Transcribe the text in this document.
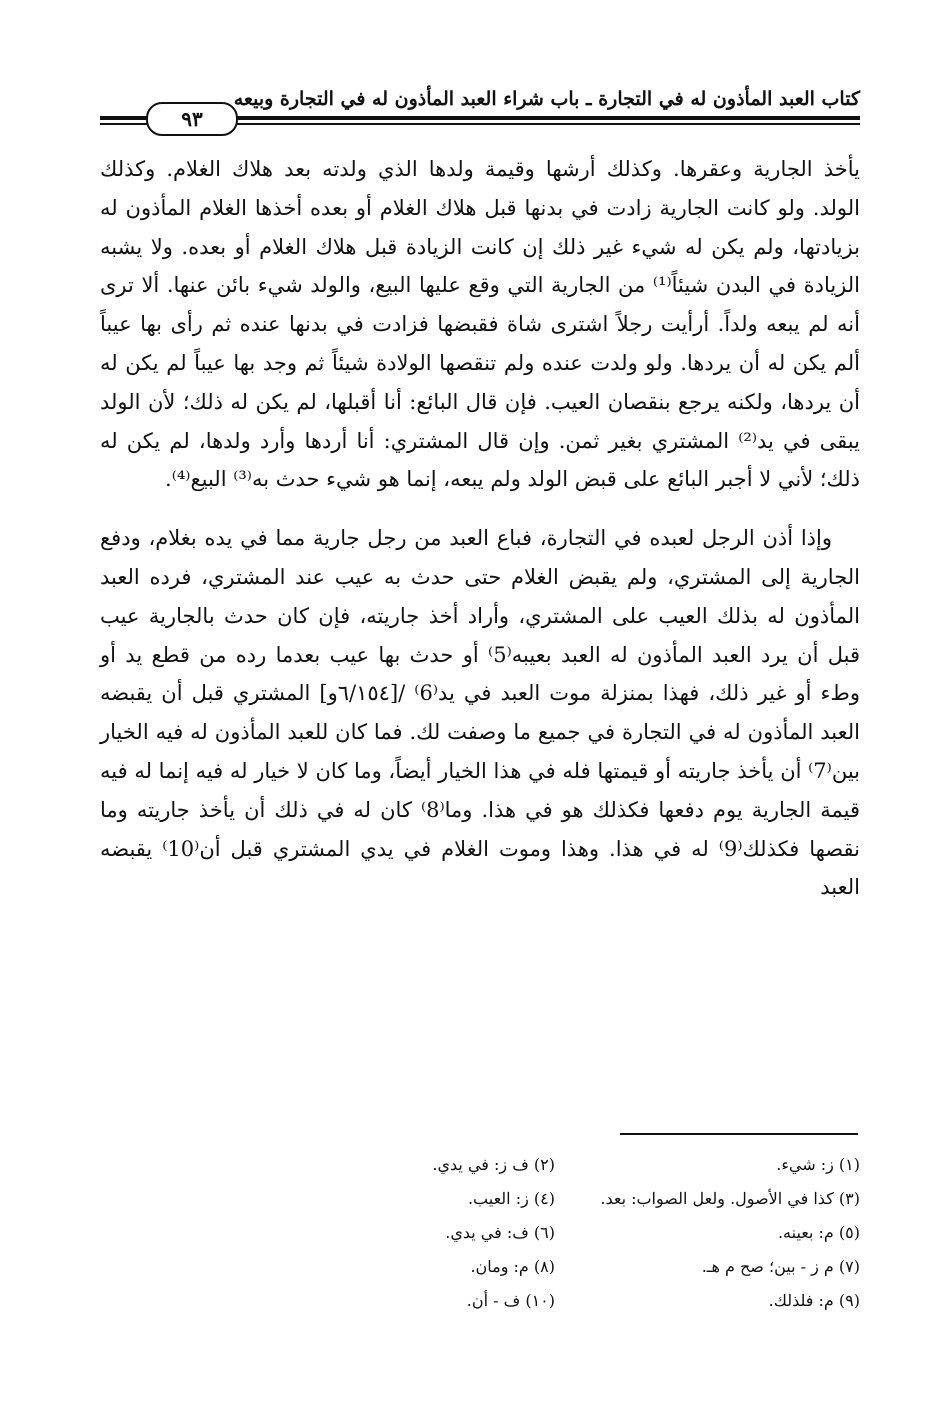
كتاب العبد المأذون له في التجارة ـ باب شراء العبد المأذون له في التجارة وبيعه
٩٣

يأخذ الجارية وعقرها. وكذلك أرشها وقيمة ولدها الذي ولدته بعد هلاك الغلام. وكذلك الولد. ولو كانت الجارية زادت في بدنها قبل هلاك الغلام أو بعده أخذها الغلام المأذون له بزيادتها، ولم يكن له شيء غير ذلك إن كانت الزيادة قبل هلاك الغلام أو بعده. ولا يشبه الزيادة في البدن شيئاً⁽¹⁾ من الجارية التي وقع عليها البيع، والولد شيء بائن عنها. ألا ترى أنه لم يبعه ولداً. أرأيت رجلاً اشترى شاة فقبضها فزادت في بدنها عنده ثم رأى بها عيباً ألم يكن له أن يردها. ولو ولدت عنده ولم تنقصها الولادة شيئاً ثم وجد بها عيباً لم يكن له أن يردها، ولكنه يرجع بنقصان العيب. فإن قال البائع: أنا أقبلها، لم يكن له ذلك؛ لأن الولد يبقى في يد⁽²⁾ المشتري بغير ثمن. وإن قال المشتري: أنا أردها وأرد ولدها، لم يكن له ذلك؛ لأني لا أجبر البائع على قبض الولد ولم يبعه، إنما هو شيء حدث به⁽³⁾ البيع⁽⁴⁾.

وإذا أذن الرجل لعبده في التجارة، فباع العبد من رجل جارية مما في يده بغلام، ودفع الجارية إلى المشتري، ولم يقبض الغلام حتى حدث به عيب عند المشتري، فرده العبد المأذون له بذلك العيب على المشتري، وأراد أخذ جاريته، فإن كان حدث بالجارية عيب قبل أن يرد العبد المأذون له العبد بعيبه⁽5⁾ أو حدث بها عيب بعدما رده من قطع يد أو وطء أو غير ذلك، فهذا بمنزلة موت العبد في يد⁽6⁾ /[٦/١٥٤و] المشتري قبل أن يقبضه العبد المأذون له في التجارة في جميع ما وصفت لك. فما كان للعبد المأذون له فيه الخيار بين⁽7⁾ أن يأخذ جاريته أو قيمتها فله في هذا الخيار أيضاً، وما كان لا خيار له فيه إنما له فيه قيمة الجارية يوم دفعها فكذلك هو في هذا. وما⁽8⁾ كان له في ذلك أن يأخذ جاريته وما نقصها فكذلك⁽9⁾ له في هذا. وهذا وموت الغلام في يدي المشتري قبل أن⁽10⁾ يقبضه العبد

(١) ز: شيء.
(٢) ف ز: في يدي.
(٣) كذا في الأصول. ولعل الصواب: بعد.
(٤) ز: العيب.
(٥) م: بعينه.
(٦) ف: في يدي.
(٧) م ز - بين؛ صح م هـ.
(٨) م: ومان.
(٩) م: فلذلك.
(١٠) ف - أن.
